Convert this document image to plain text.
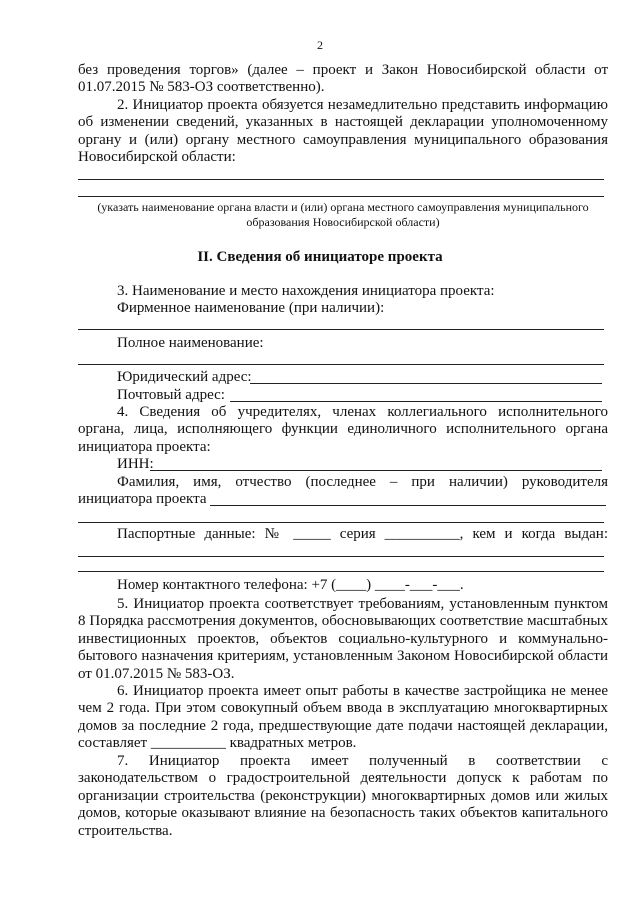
2
без проведения торгов» (далее – проект и Закон Новосибирской области от 01.07.2015 № 583-ОЗ соответственно).
2. Инициатор проекта обязуется незамедлительно представить информацию об изменении сведений, указанных в настоящей декларации уполномоченному органу и (или) органу местного самоуправления муниципального образования Новосибирской области:
(указать наименование органа власти и (или) органа местного самоуправления муниципального образования Новосибирской области)
II. Сведения об инициаторе проекта
3. Наименование и место нахождения инициатора проекта:
Фирменное наименование (при наличии):
Полное наименование:
Юридический адрес:
Почтовый адрес:
4. Сведения об учредителях, членах коллегиального исполнительного органа, лица, исполняющего функции единоличного исполнительного органа инициатора проекта:
ИНН:
Фамилия, имя, отчество (последнее – при наличии) руководителя инициатора проекта
Паспортные данные: № _____ серия __________, кем и когда выдан:
Номер контактного телефона: +7 (____) ____-___-___.
5. Инициатор проекта соответствует требованиям, установленным пунктом 8 Порядка рассмотрения документов, обосновывающих соответствие масштабных инвестиционных проектов, объектов социально-культурного и коммунально-бытового назначения критериям, установленным Законом Новосибирской области от 01.07.2015 № 583-ОЗ.
6. Инициатор проекта имеет опыт работы в качестве застройщика не менее чем 2 года. При этом совокупный объем ввода в эксплуатацию многоквартирных домов за последние 2 года, предшествующие дате подачи настоящей декларации, составляет __________ квадратных метров.
7. Инициатор проекта имеет полученный в соответствии с законодательством о градостроительной деятельности допуск к работам по организации строительства (реконструкции) многоквартирных домов или жилых домов, которые оказывают влияние на безопасность таких объектов капитального строительства.
